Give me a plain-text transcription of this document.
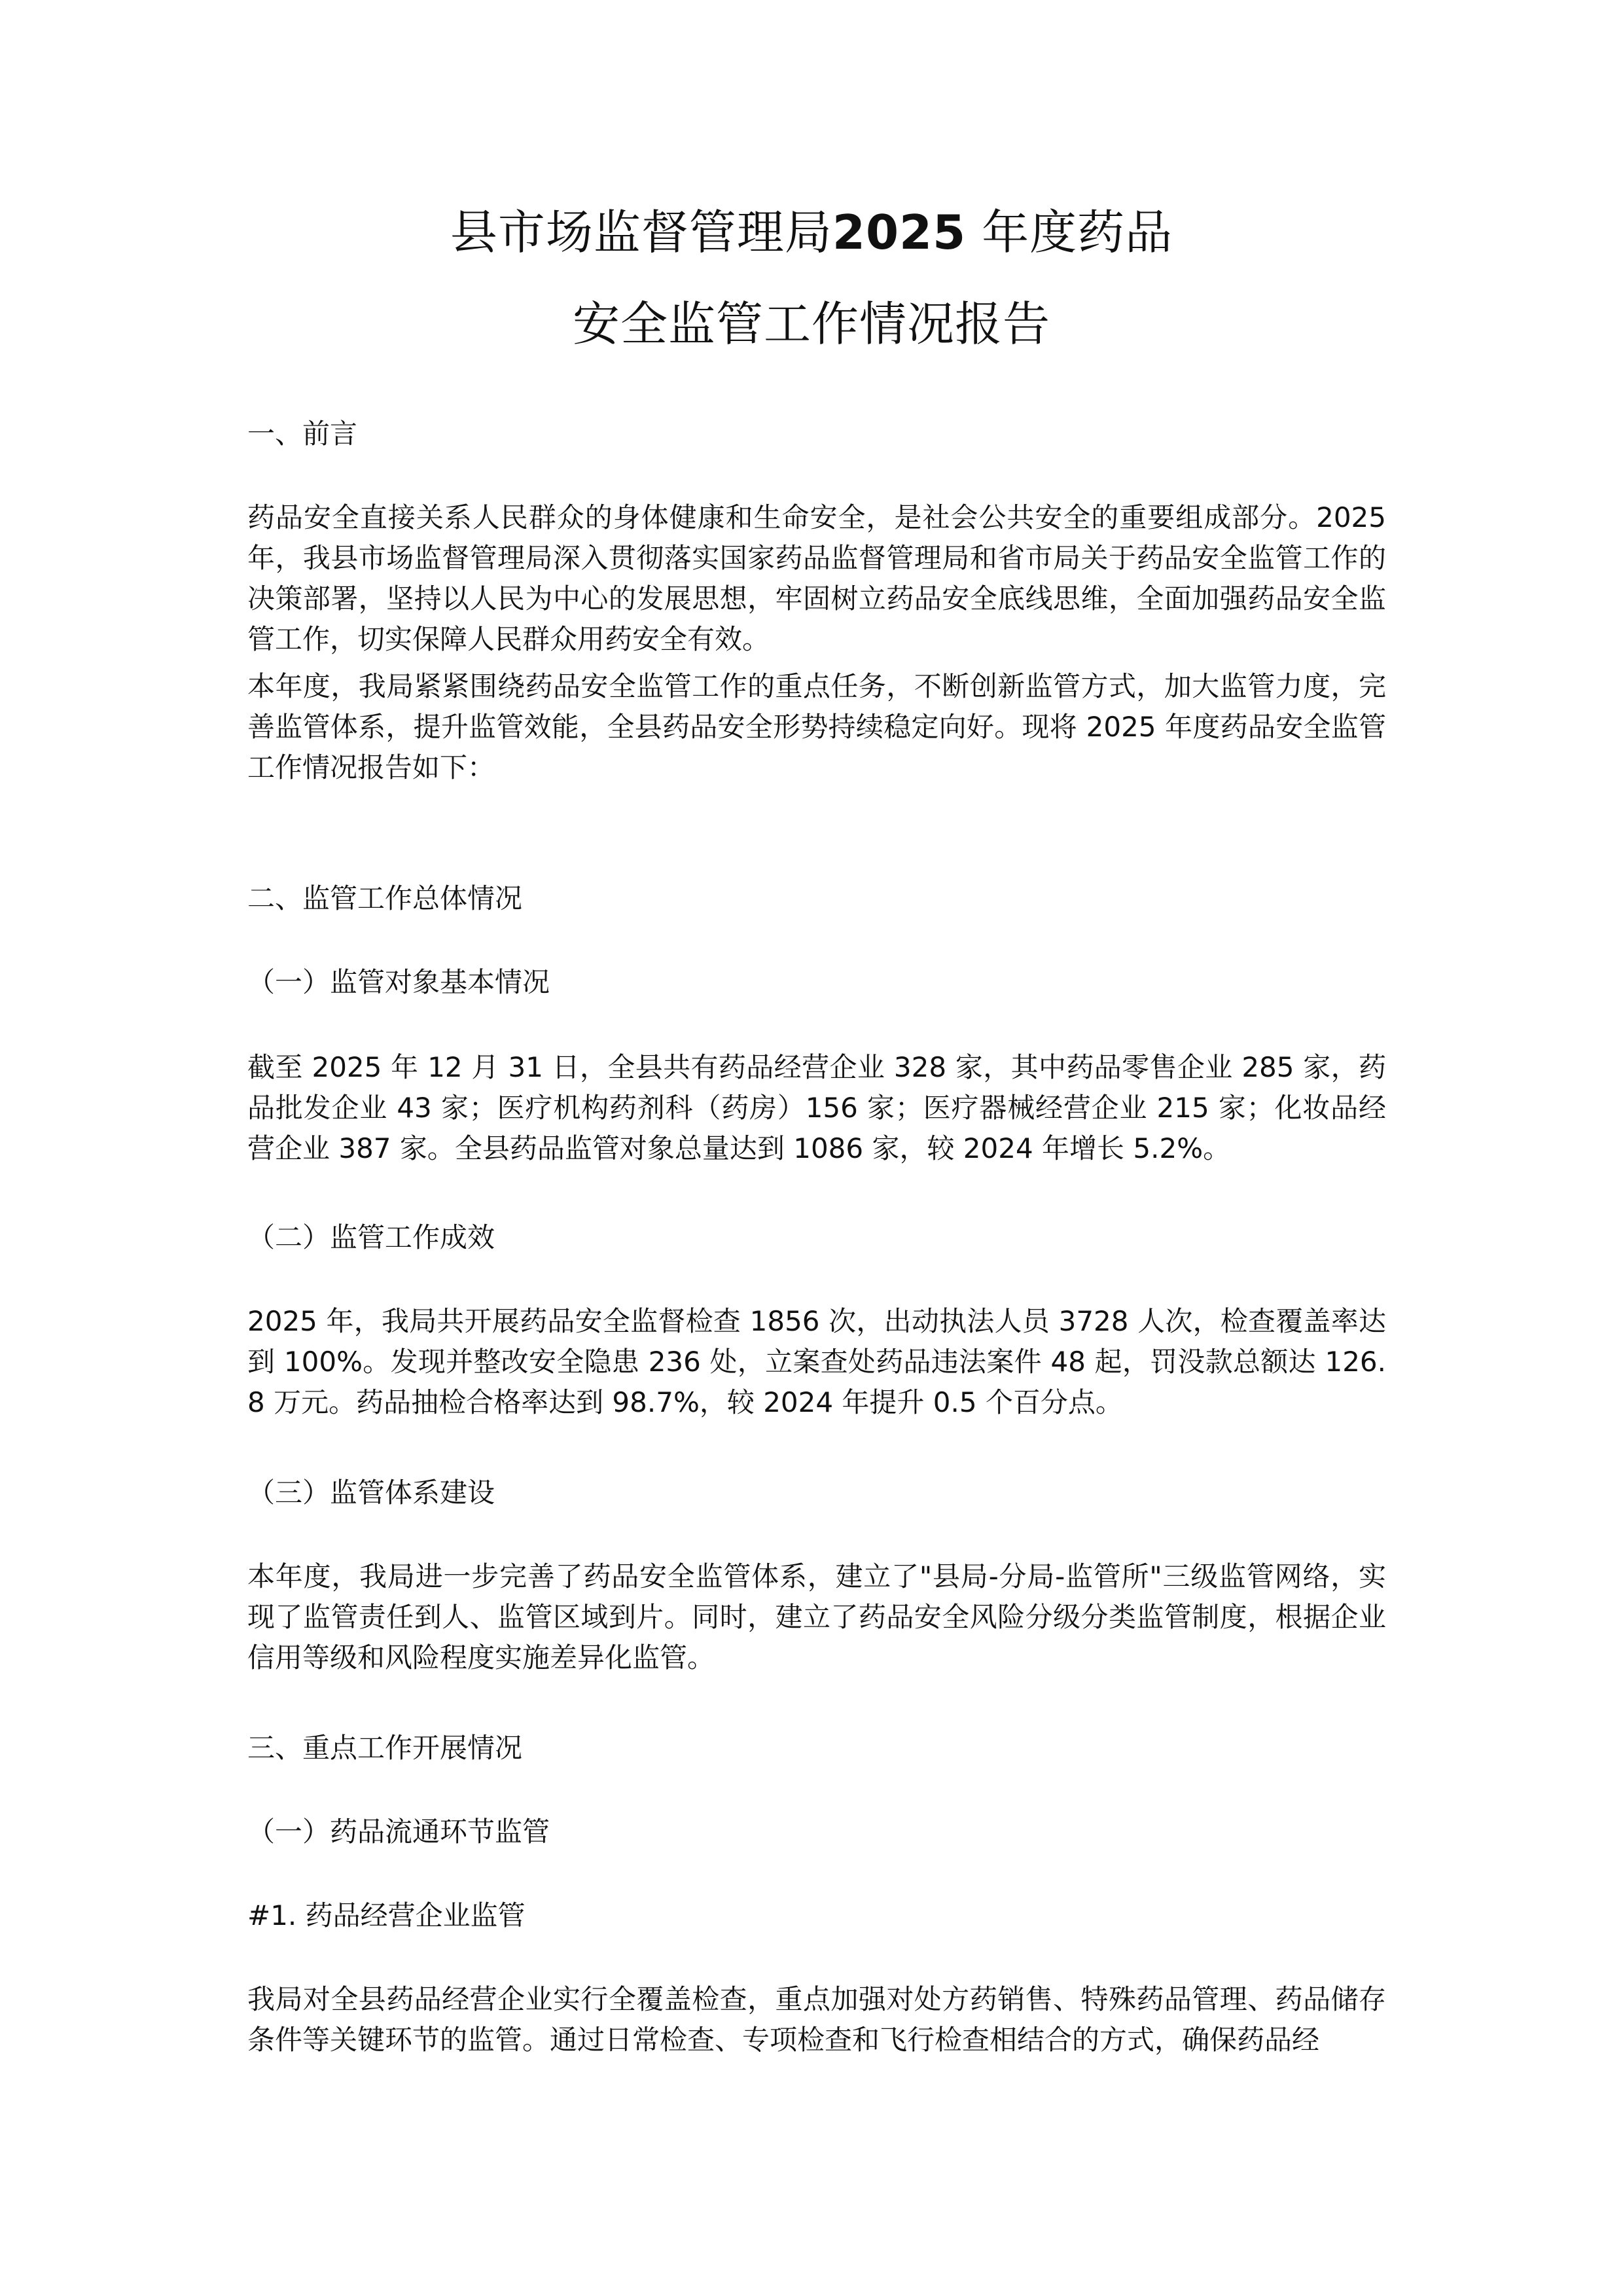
县市场监督管理局2025 年度药品
安全监管工作情况报告
一、前言

药品安全直接关系人民群众的身体健康和生命安全，是社会公共安全的重要组成部分。2025 年，我县市场监督管理局深入贯彻落实国家药品监督管理局和省市局关于药品安全监管工作的决策部署，坚持以人民为中心的发展思想，牢固树立药品安全底线思维，全面加强药品安全监管工作，切实保障人民群众用药安全有效。

本年度，我局紧紧围绕药品安全监管工作的重点任务，不断创新监管方式，加大监管力度，完善监管体系，提升监管效能，全县药品安全形势持续稳定向好。现将 2025 年度药品安全监管工作情况报告如下：

二、监管工作总体情况
（一）监管对象基本情况

截至 2025 年 12 月 31 日，全县共有药品经营企业 328 家，其中药品零售企业 285 家，药品批发企业 43 家；医疗机构药剂科（药房）156 家；医疗器械经营企业 215 家；化妆品经营企业 387 家。全县药品监管对象总量达到 1086 家，较 2024 年增长 5.2%。

（二）监管工作成效

2025 年，我局共开展药品安全监督检查 1856 次，出动执法人员 3728 人次，检查覆盖率达到 100%。发现并整改安全隐患 236 处，立案查处药品违法案件 48 起，罚没款总额达 126.8 万元。药品抽检合格率达到 98.7%，较 2024 年提升 0.5 个百分点。

（三）监管体系建设

本年度，我局进一步完善了药品安全监管体系，建立了"县局-分局-监管所"三级监管网络，实现了监管责任到人、监管区域到片。同时，建立了药品安全风险分级分类监管制度，根据企业信用等级和风险程度实施差异化监管。

三、重点工作开展情况
（一）药品流通环节监管
#1. 药品经营企业监管

我局对全县药品经营企业实行全覆盖检查，重点加强对处方药销售、特殊药品管理、药品储存条件等关键环节的监管。通过日常检查、专项检查和飞行检查相结合的方式，确保药品经
